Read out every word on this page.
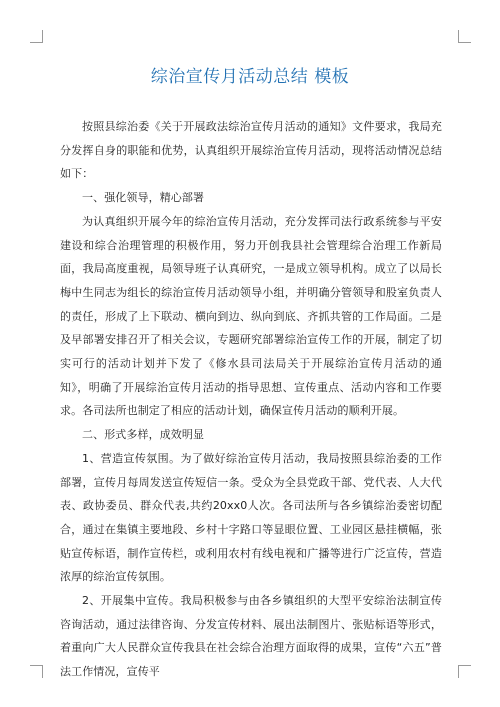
综治宣传月活动总结 模板

按照县综治委《关于开展政法综治宣传月活动的通知》文件要求，我局充分发挥自身的职能和优势，认真组织开展综治宣传月活动，现将活动情况总结如下：

一、强化领导，精心部署

为认真组织开展今年的综治宣传月活动，充分发挥司法行政系统参与平安建设和综合治理管理的积极作用，努力开创我县社会管理综合治理工作新局面，我局高度重视，局领导班子认真研究，一是成立领导机构。成立了以局长梅中生同志为组长的综治宣传月活动领导小组，并明确分管领导和股室负责人的责任，形成了上下联动、横向到边、纵向到底、齐抓共管的工作局面。二是及早部署安排召开了相关会议，专题研究部署综治宣传工作的开展，制定了切实可行的活动计划并下发了《修水县司法局关于开展综治宣传月活动的通知》，明确了开展综治宣传月活动的指导思想、宣传重点、活动内容和工作要求。各司法所也制定了相应的活动计划，确保宣传月活动的顺利开展。

二、形式多样，成效明显

1、营造宣传氛围。为了做好综治宣传月活动，我局按照县综治委的工作部署，宣传月每周发送宣传短信一条。受众为全县党政干部、党代表、人大代表、政协委员、群众代表,共约20xx0人次。各司法所与各乡镇综治委密切配合，通过在集镇主要地段、乡村十字路口等显眼位置、工业园区悬挂横幅，张贴宣传标语，制作宣传栏，或利用农村有线电视和广播等进行广泛宣传，营造浓厚的综治宣传氛围。

2、开展集中宣传。我局积极参与由各乡镇组织的大型平安综治法制宣传咨询活动，通过法律咨询、分发宣传材料、展出法制图片、张贴标语等形式，着重向广大人民群众宣传我县在社会综合治理方面取得的成果，宣传“六五”普法工作情况，宣传平
